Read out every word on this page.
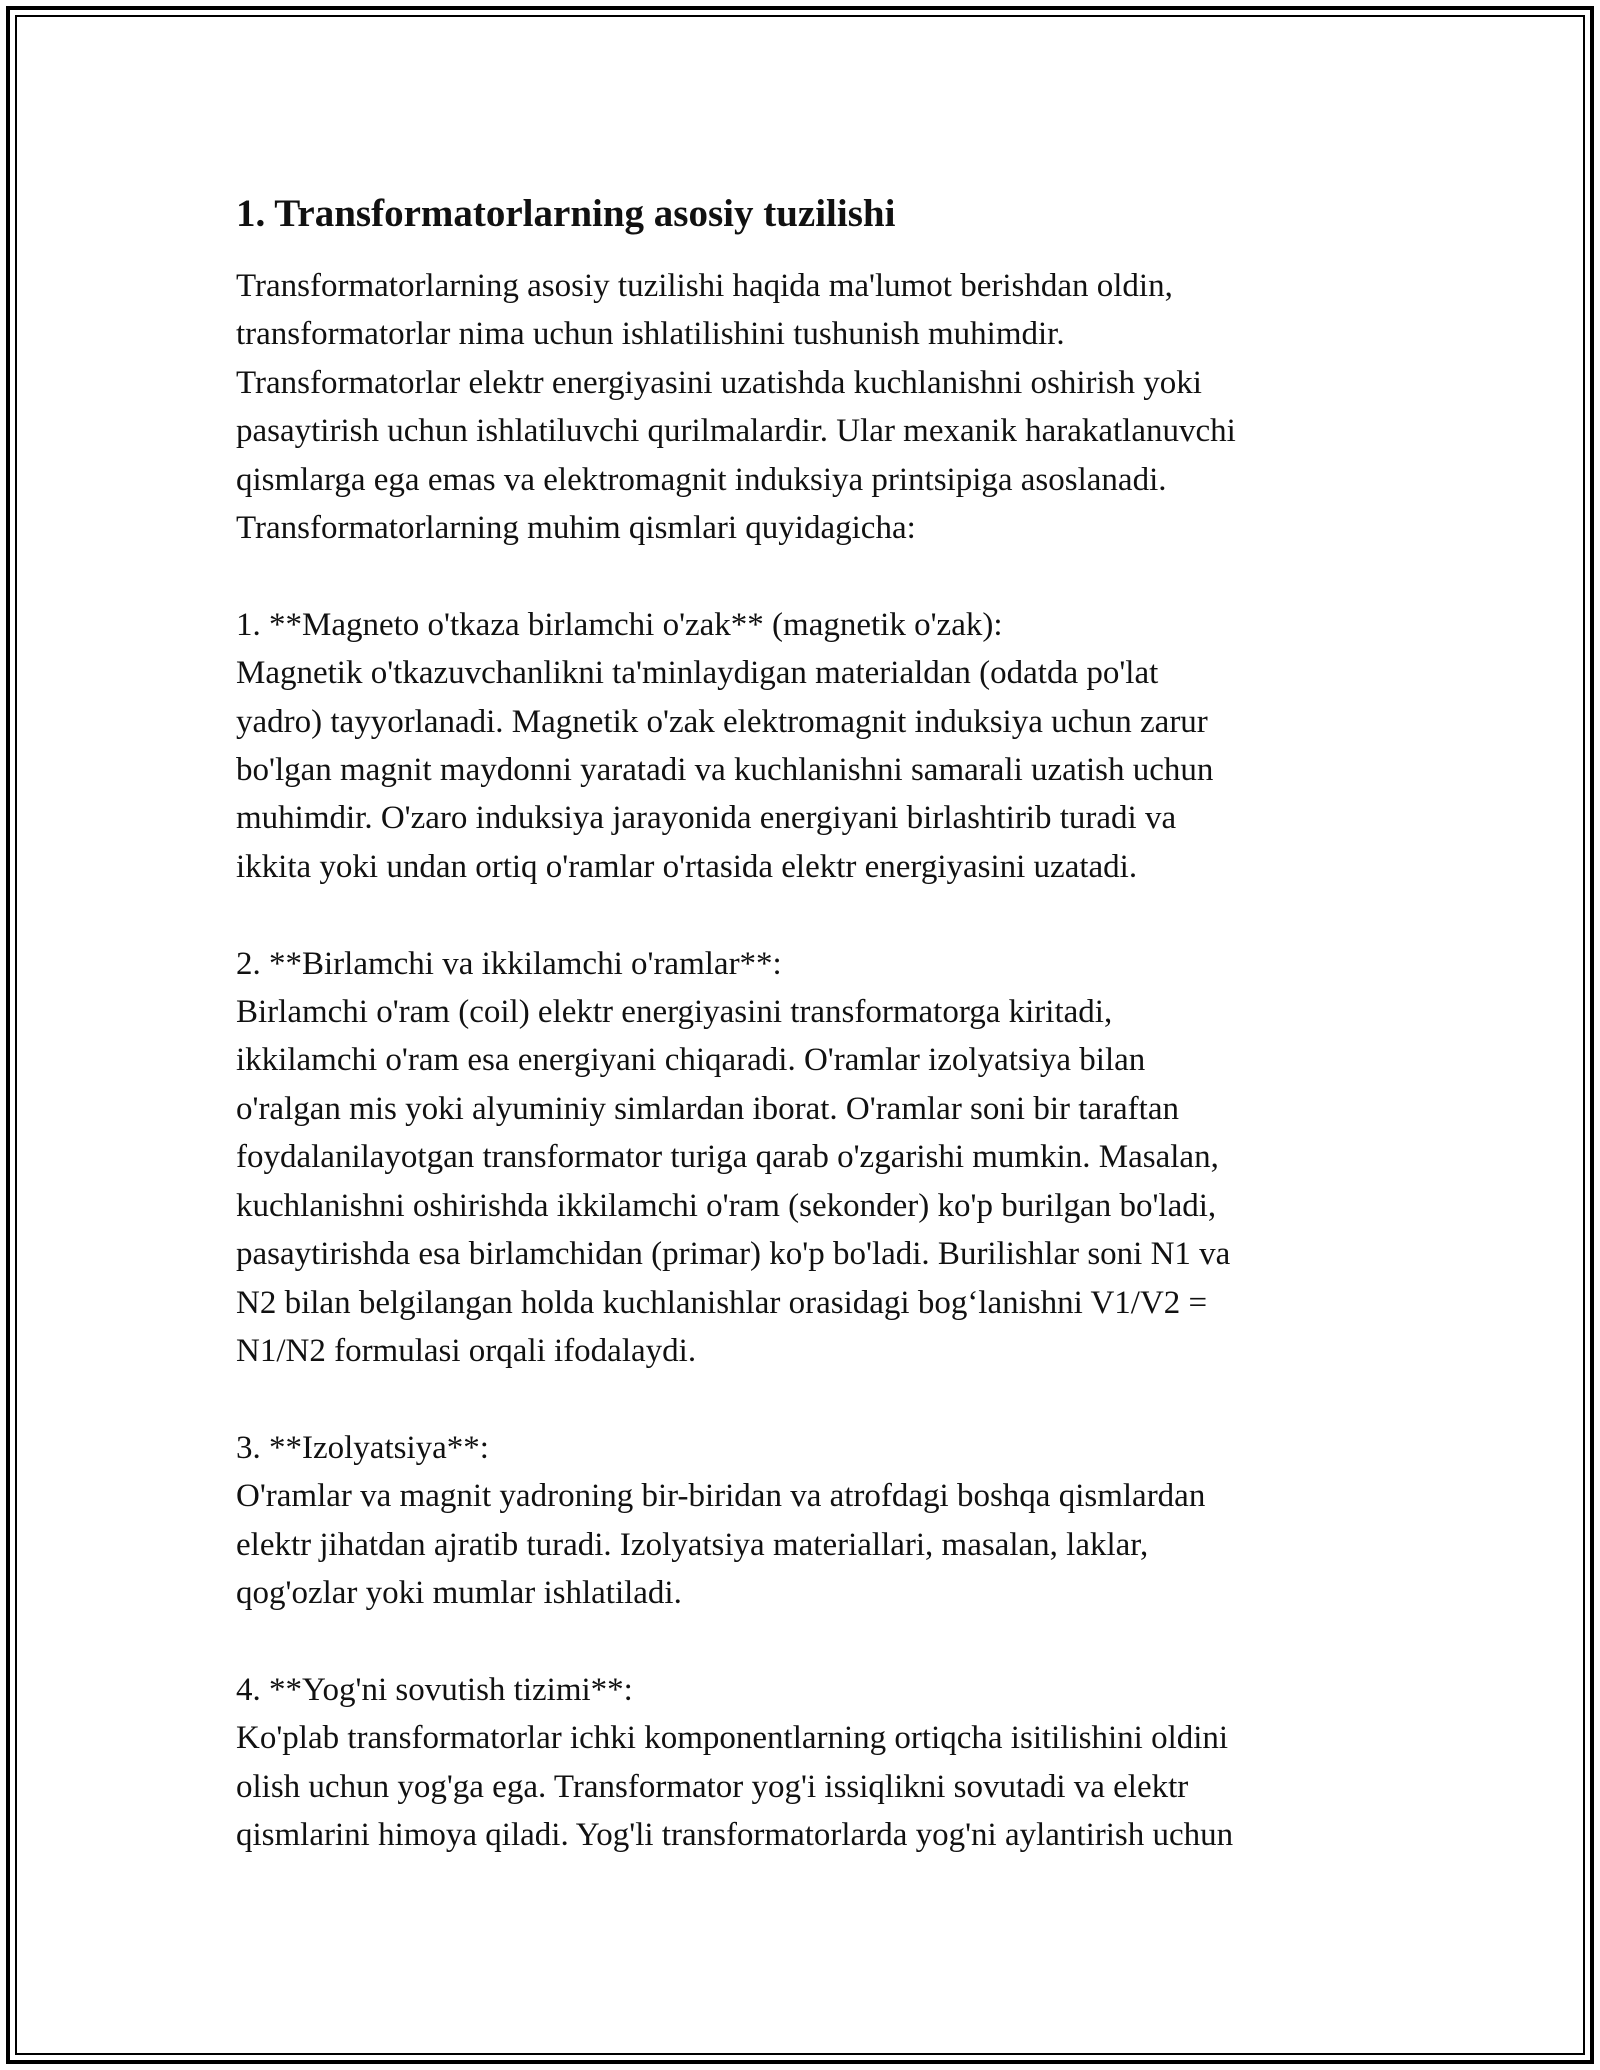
1. Transformatorlarning asosiy tuzilishi

Transformatorlarning asosiy tuzilishi haqida ma'lumot berishdan oldin,
transformatorlar nima uchun ishlatilishini tushunish muhimdir.
Transformatorlar elektr energiyasini uzatishda kuchlanishni oshirish yoki
pasaytirish uchun ishlatiluvchi qurilmalardir. Ular mexanik harakatlanuvchi
qismlarga ega emas va elektromagnit induksiya printsipiga asoslanadi.
Transformatorlarning muhim qismlari quyidagicha:

1. **Magneto o'tkaza birlamchi o'zak** (magnetik o'zak):

Magnetik o'tkazuvchanlikni ta'minlaydigan materialdan (odatda po'lat
yadro) tayyorlanadi. Magnetik o'zak elektromagnit induksiya uchun zarur
bo'lgan magnit maydonni yaratadi va kuchlanishni samarali uzatish uchun
muhimdir. O'zaro induksiya jarayonida energiyani birlashtirib turadi va
ikkita yoki undan ortiq o'ramlar o'rtasida elektr energiyasini uzatadi.

2. **Birlamchi va ikkilamchi o'ramlar**:

Birlamchi o'ram (coil) elektr energiyasini transformatorga kiritadi,
ikkilamchi o'ram esa energiyani chiqaradi. O'ramlar izolyatsiya bilan
o'ralgan mis yoki alyuminiy simlardan iborat. O'ramlar soni bir taraftan
foydalanilayotgan transformator turiga qarab o'zgarishi mumkin. Masalan,
kuchlanishni oshirishda ikkilamchi o'ram (sekonder) ko'p burilgan bo'ladi,
pasaytirishda esa birlamchidan (primar) ko'p bo'ladi. Burilishlar soni N1 va
N2 bilan belgilangan holda kuchlanishlar orasidagi bog‘lanishni V1/V2 =
N1/N2 formulasi orqali ifodalaydi.

3. **Izolyatsiya**:

O'ramlar va magnit yadroning bir-biridan va atrofdagi boshqa qismlardan
elektr jihatdan ajratib turadi. Izolyatsiya materiallari, masalan, laklar,
qog'ozlar yoki mumlar ishlatiladi.

4. **Yog'ni sovutish tizimi**:

Ko'plab transformatorlar ichki komponentlarning ortiqcha isitilishini oldini
olish uchun yog'ga ega. Transformator yog'i issiqlikni sovutadi va elektr
qismlarini himoya qiladi. Yog'li transformatorlarda yog'ni aylantirish uchun
